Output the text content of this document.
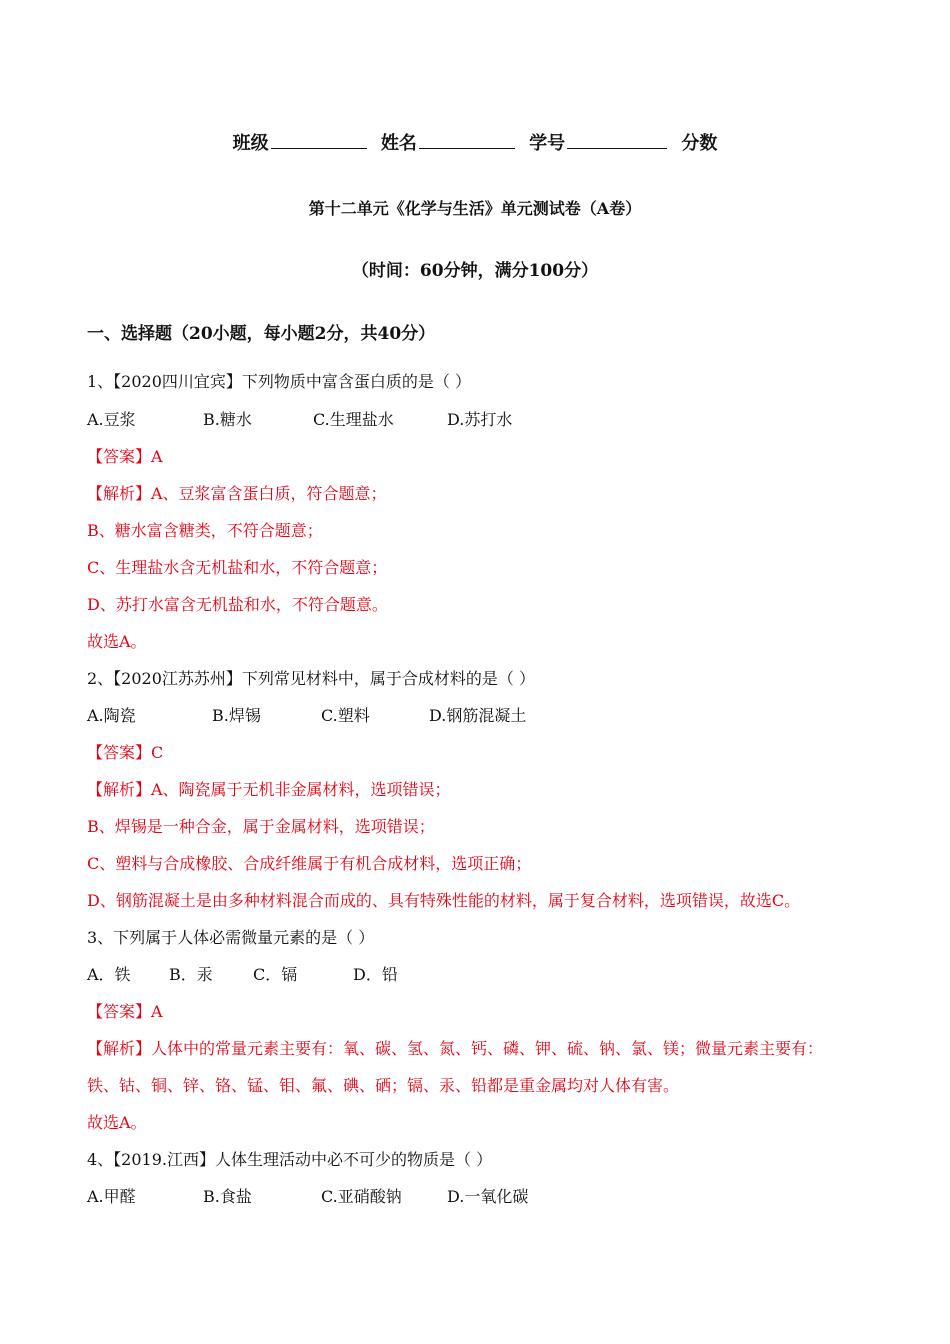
班级	姓名	学号	分数
第十二单元《化学与生活》单元测试卷（A卷）
（时间：60分钟，满分100分）
一、选择题（20小题，每小题2分，共40分）
1、【2020四川宜宾】下列物质中富含蛋白质的是（ ）
A.豆浆	B.糖水	C.生理盐水	D.苏打水
【答案】A
【解析】A、豆浆富含蛋白质，符合题意；
B、糖水富含糖类，不符合题意；
C、生理盐水含无机盐和水，不符合题意；
D、苏打水富含无机盐和水，不符合题意。
故选A。
2、【2020江苏苏州】下列常见材料中，属于合成材料的是（ ）
A.陶瓷	B.焊锡	C.塑料	D.钢筋混凝土
【答案】C
【解析】A、陶瓷属于无机非金属材料，选项错误；
B、焊锡是一种合金，属于金属材料，选项错误；
C、塑料与合成橡胶、合成纤维属于有机合成材料，选项正确；
D、钢筋混凝土是由多种材料混合而成的、具有特殊性能的材料，属于复合材料，选项错误，故选C。
3、下列属于人体必需微量元素的是（ ）
A．铁 B．汞	C．镉	D．铅
【答案】A
【解析】人体中的常量元素主要有：氧、碳、氢、氮、钙、磷、钾、硫、钠、氯、镁；微量元素主要有：
铁、钴、铜、锌、铬、锰、钼、氟、碘、硒；镉、汞、铅都是重金属均对人体有害。
故选A。
4、【2019.江西】人体生理活动中必不可少的物质是（ ）
A.甲醛	B.食盐	C.亚硝酸钠	D.一氧化碳
